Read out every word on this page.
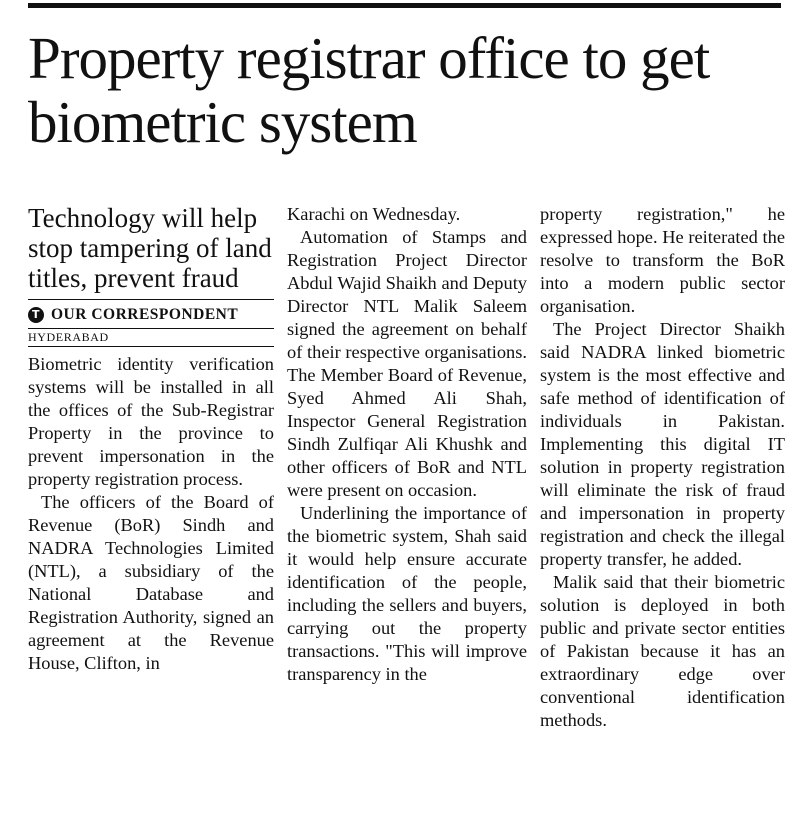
Property registrar office to get biometric system
Technology will help stop tampering of land titles, prevent fraud
T OUR CORRESPONDENT
HYDERABAD

Biometric identity verification systems will be installed in all the offices of the Sub-Registrar Property in the province to prevent impersonation in the property registration process.

The officers of the Board of Revenue (BoR) Sindh and NADRA Technologies Limited (NTL), a subsidiary of the National Database and Registration Authority, signed an agreement at the Revenue House, Clifton, in

Karachi on Wednesday.

Automation of Stamps and Registration Project Director Abdul Wajid Shaikh and Deputy Director NTL Malik Saleem signed the agreement on behalf of their respective organisations. The Member Board of Revenue, Syed Ahmed Ali Shah, Inspector General Registration Sindh Zulfiqar Ali Khushk and other officers of BoR and NTL were present on occasion.

Underlining the importance of the biometric system, Shah said it would help ensure accurate identification of the people, including the sellers and buyers, carrying out the property transactions. "This will improve transparency in the

property registration," he expressed hope. He reiterated the resolve to transform the BoR into a modern public sector organisation.

The Project Director Shaikh said NADRA linked biometric system is the most effective and safe method of identification of individuals in Pakistan. Implementing this digital IT solution in property registration will eliminate the risk of fraud and impersonation in property registration and check the illegal property transfer, he added.

Malik said that their biometric solution is deployed in both public and private sector entities of Pakistan because it has an extraordinary edge over conventional identification methods.
